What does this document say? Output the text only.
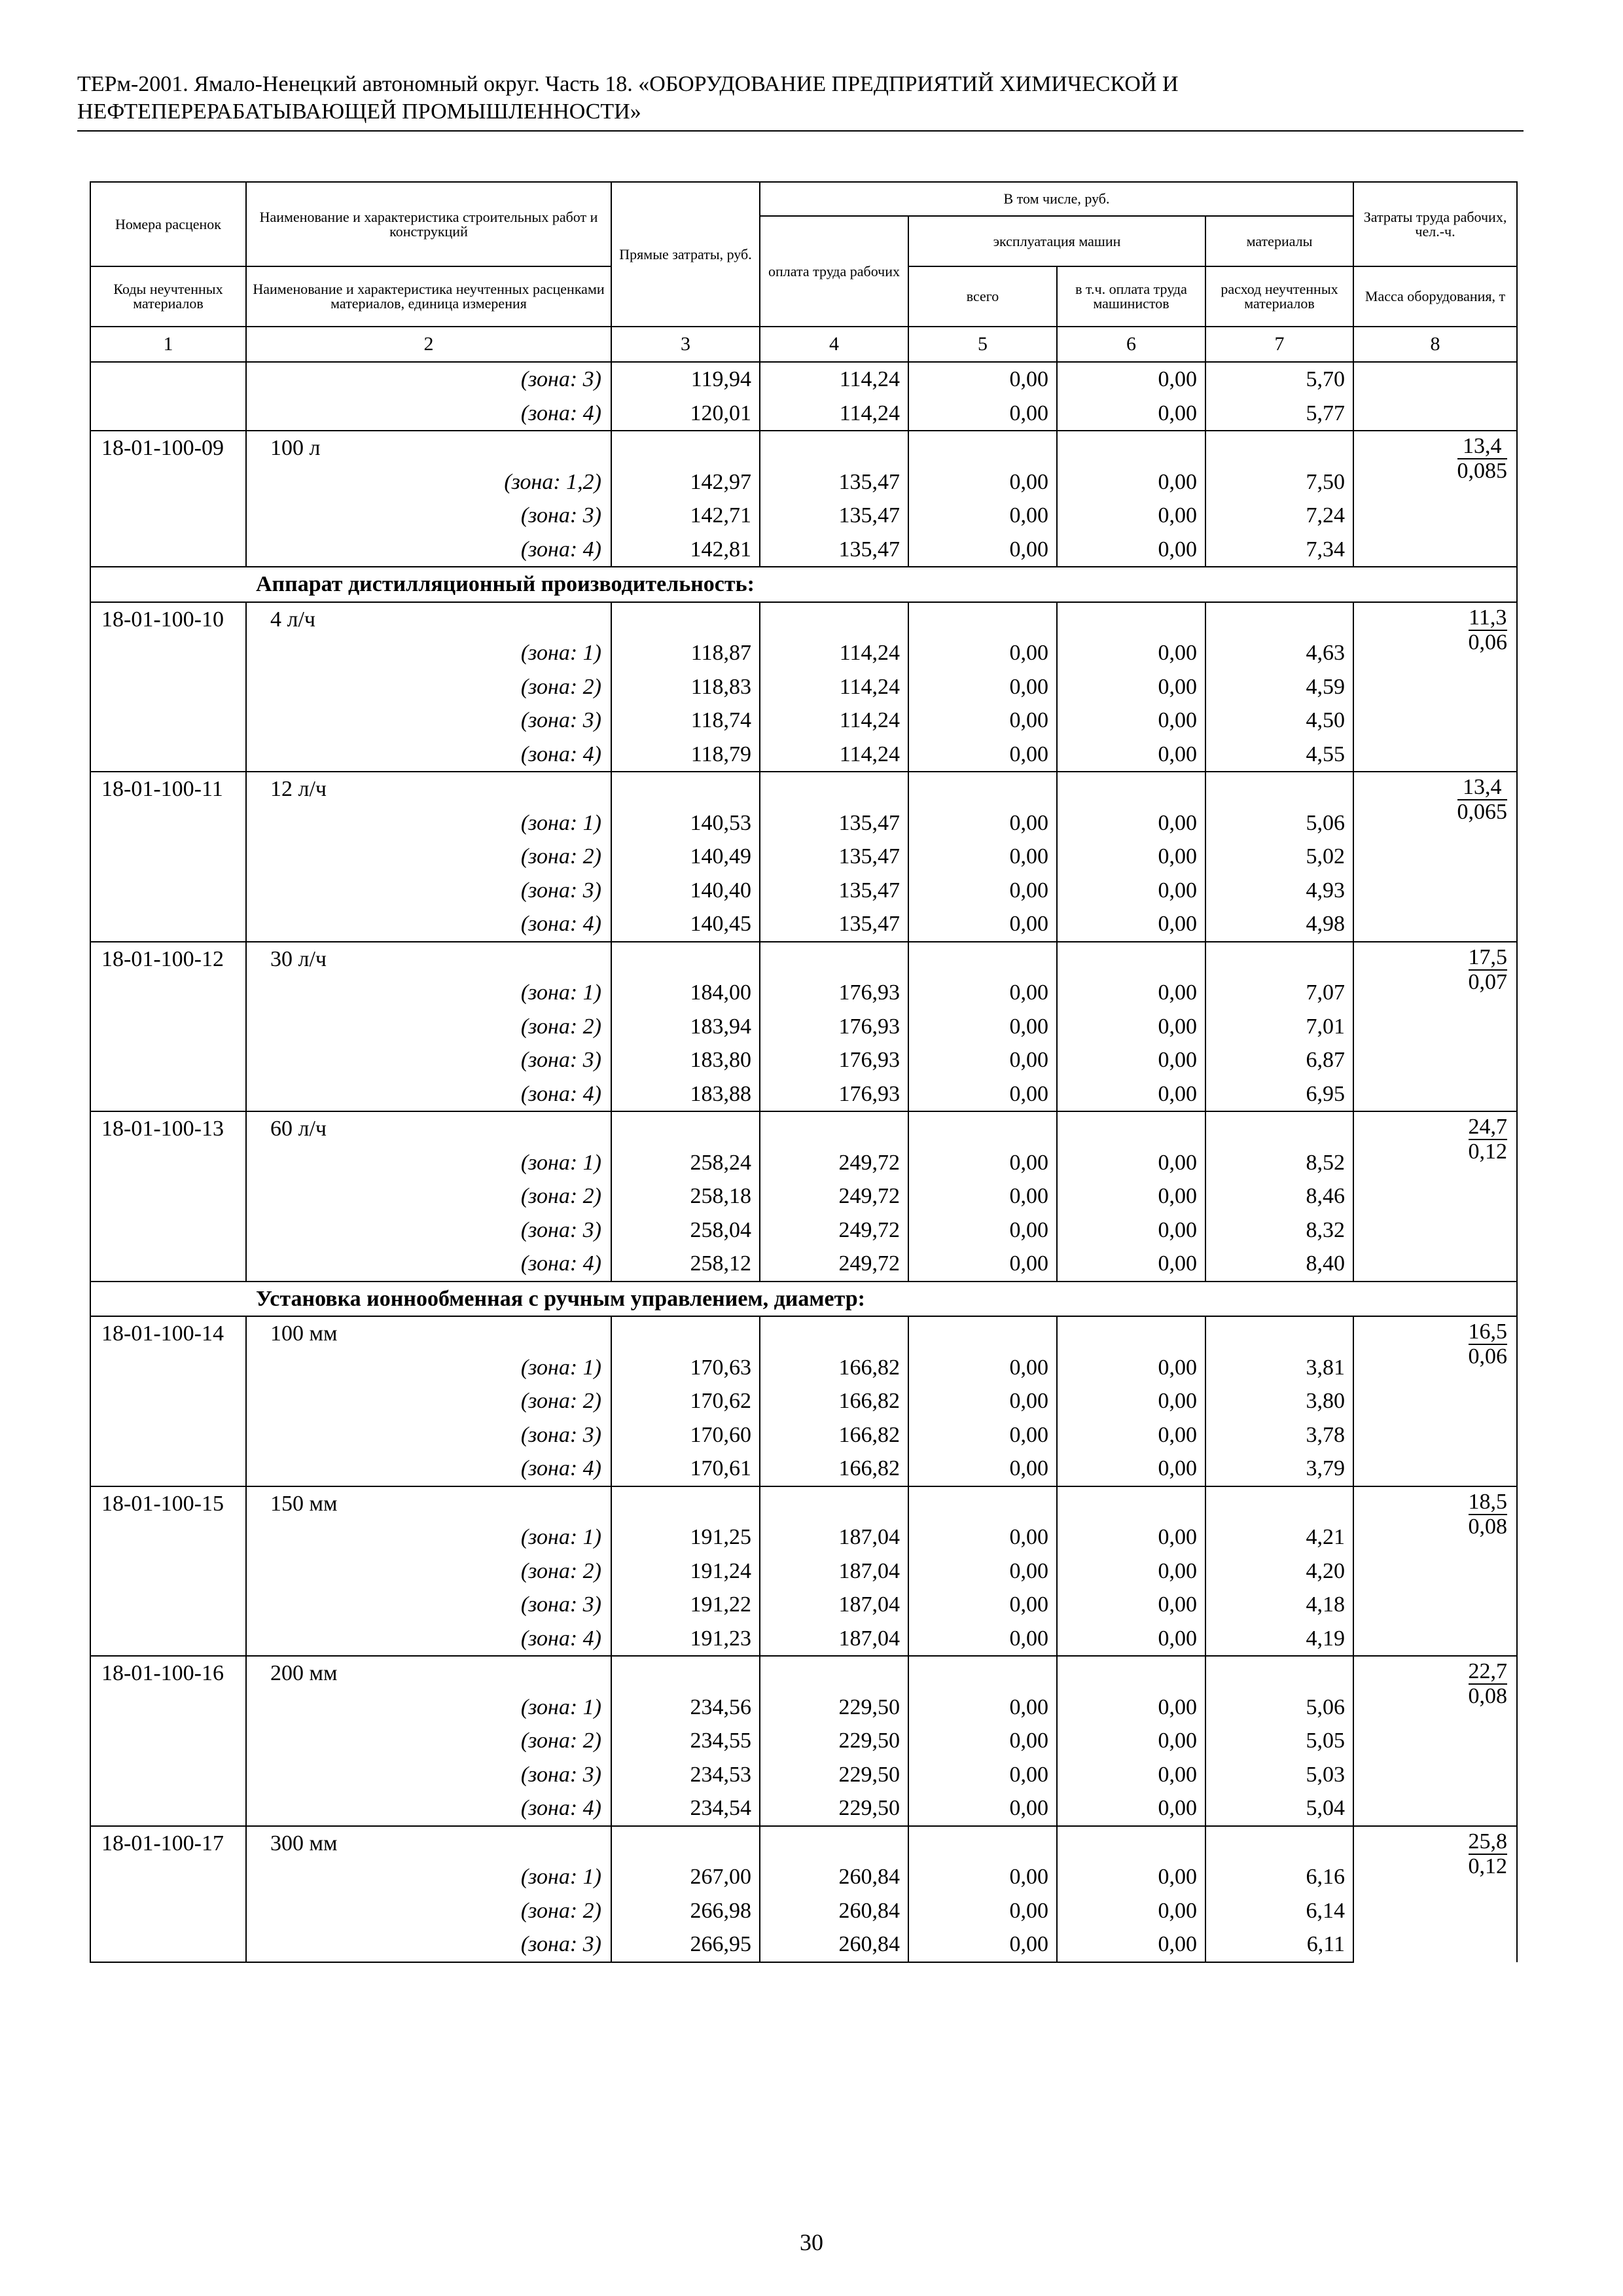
ТЕРм-2001. Ямало-Ненецкий автономный округ. Часть 18. «ОБОРУДОВАНИЕ ПРЕДПРИЯТИЙ ХИМИЧЕСКОЙ И
НЕФТЕПЕРЕРАБАТЫВАЮЩЕЙ ПРОМЫШЛЕННОСТИ»
Номера расценок	Наименование и характеристика строительных работ и конструкций	Прямые затраты, руб.	В том числе, руб.				Затраты труда рабочих, чел.-ч.
			оплата труда рабочих	эксплуатация машин		материалы	
Коды неучтенных материалов	Наименование и характеристика неучтенных расценками материалов, единица измерения			всего	в т.ч. оплата труда машинистов	расход неучтенных материалов	Масса оборудования, т
1	2	3	4	5	6	7	8
	(зона: 3)	119,94	114,24	0,00	0,00	5,70	
	(зона: 4)	120,01	114,24	0,00	0,00	5,77	
18-01-100-09	100 л						$\frac{13,4}{0,085}$

	(зона: 1,2)	142,97	135,47	0,00	0,00	7,50	
	(зона: 3)	142,71	135,47	0,00	0,00	7,24	
	(зона: 4)	142,81	135,47	0,00	0,00	7,34	
Аппарат дистилляционный производительность:							
18-01-100-10	4 л/ч						$\frac{11,3}{0,06}$

	(зона: 1)	118,87	114,24	0,00	0,00	4,63	
	(зона: 2)	118,83	114,24	0,00	0,00	4,59	
	(зона: 3)	118,74	114,24	0,00	0,00	4,50	
	(зона: 4)	118,79	114,24	0,00	0,00	4,55	
18-01-100-11	12 л/ч						$\frac{13,4}{0,065}$

	(зона: 1)	140,53	135,47	0,00	0,00	5,06	
	(зона: 2)	140,49	135,47	0,00	0,00	5,02	
	(зона: 3)	140,40	135,47	0,00	0,00	4,93	
	(зона: 4)	140,45	135,47	0,00	0,00	4,98	
18-01-100-12	30 л/ч						$\frac{17,5}{0,07}$

	(зона: 1)	184,00	176,93	0,00	0,00	7,07	
	(зона: 2)	183,94	176,93	0,00	0,00	7,01	
	(зона: 3)	183,80	176,93	0,00	0,00	6,87	
	(зона: 4)	183,88	176,93	0,00	0,00	6,95	
18-01-100-13	60 л/ч						$\frac{24,7}{0,12}$

	(зона: 1)	258,24	249,72	0,00	0,00	8,52	
	(зона: 2)	258,18	249,72	0,00	0,00	8,46	
	(зона: 3)	258,04	249,72	0,00	0,00	8,32	
	(зона: 4)	258,12	249,72	0,00	0,00	8,40	
Установка ионнообменная с ручным управлением, диаметр:							
18-01-100-14	100 мм						$\frac{16,5}{0,06}$

	(зона: 1)	170,63	166,82	0,00	0,00	3,81	
	(зона: 2)	170,62	166,82	0,00	0,00	3,80	
	(зона: 3)	170,60	166,82	0,00	0,00	3,78	
	(зона: 4)	170,61	166,82	0,00	0,00	3,79	
18-01-100-15	150 мм						$\frac{18,5}{0,08}$

	(зона: 1)	191,25	187,04	0,00	0,00	4,21	
	(зона: 2)	191,24	187,04	0,00	0,00	4,20	
	(зона: 3)	191,22	187,04	0,00	0,00	4,18	
	(зона: 4)	191,23	187,04	0,00	0,00	4,19	
18-01-100-16	200 мм						$\frac{22,7}{0,08}$

	(зона: 1)	234,56	229,50	0,00	0,00	5,06	
	(зона: 2)	234,55	229,50	0,00	0,00	5,05	
	(зона: 3)	234,53	229,50	0,00	0,00	5,03	
	(зона: 4)	234,54	229,50	0,00	0,00	5,04	
18-01-100-17	300 мм						$\frac{25,8}{0,12}$

	(зона: 1)	267,00	260,84	0,00	0,00	6,16	
	(зона: 2)	266,98	260,84	0,00	0,00	6,14	
	(зона: 3)	266,95	260,84	0,00	0,00	6,11	
30
